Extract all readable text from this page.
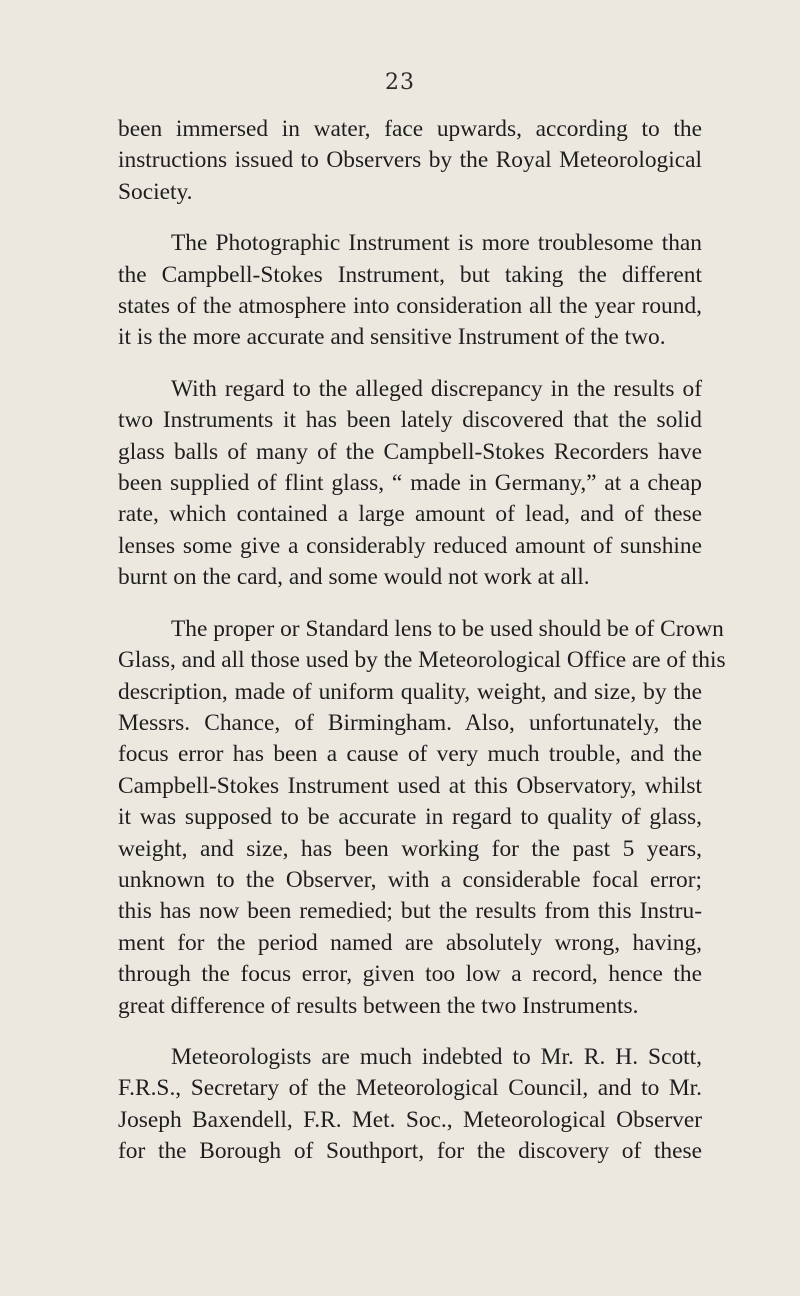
23

been immersed in water, face upwards, according to the
instructions issued to Observers by the Royal Meteorological
Society.

The Photographic Instrument is more troublesome than
the Campbell-Stokes Instrument, but taking the different
states of the atmosphere into consideration all the year round,
it is the more accurate and sensitive Instrument of the two.

With regard to the alleged discrepancy in the results of
two Instruments it has been lately discovered that the solid
glass balls of many of the Campbell-Stokes Recorders have
been supplied of flint glass, “ made in Germany,” at a cheap
rate, which contained a large amount of lead, and of these
lenses some give a considerably reduced amount of sunshine
burnt on the card, and some would not work at all.

The proper or Standard lens to be used should be of Crown
Glass, and all those used by the Meteorological Office are of this
description, made of uniform quality, weight, and size, by the
Messrs. Chance, of Birmingham. Also, unfortunately, the
focus error has been a cause of very much trouble, and the
Campbell-Stokes Instrument used at this Observatory, whilst
it was supposed to be accurate in regard to quality of glass,
weight, and size, has been working for the past 5 years,
unknown to the Observer, with a considerable focal error;
this has now been remedied; but the results from this Instru-
ment for the period named are absolutely wrong, having,
through the focus error, given too low a record, hence the
great difference of results between the two Instruments.

Meteorologists are much indebted to Mr. R. H. Scott,
F.R.S., Secretary of the Meteorological Council, and to Mr.
Joseph Baxendell, F.R. Met. Soc., Meteorological Observer
for the Borough of Southport, for the discovery of these
